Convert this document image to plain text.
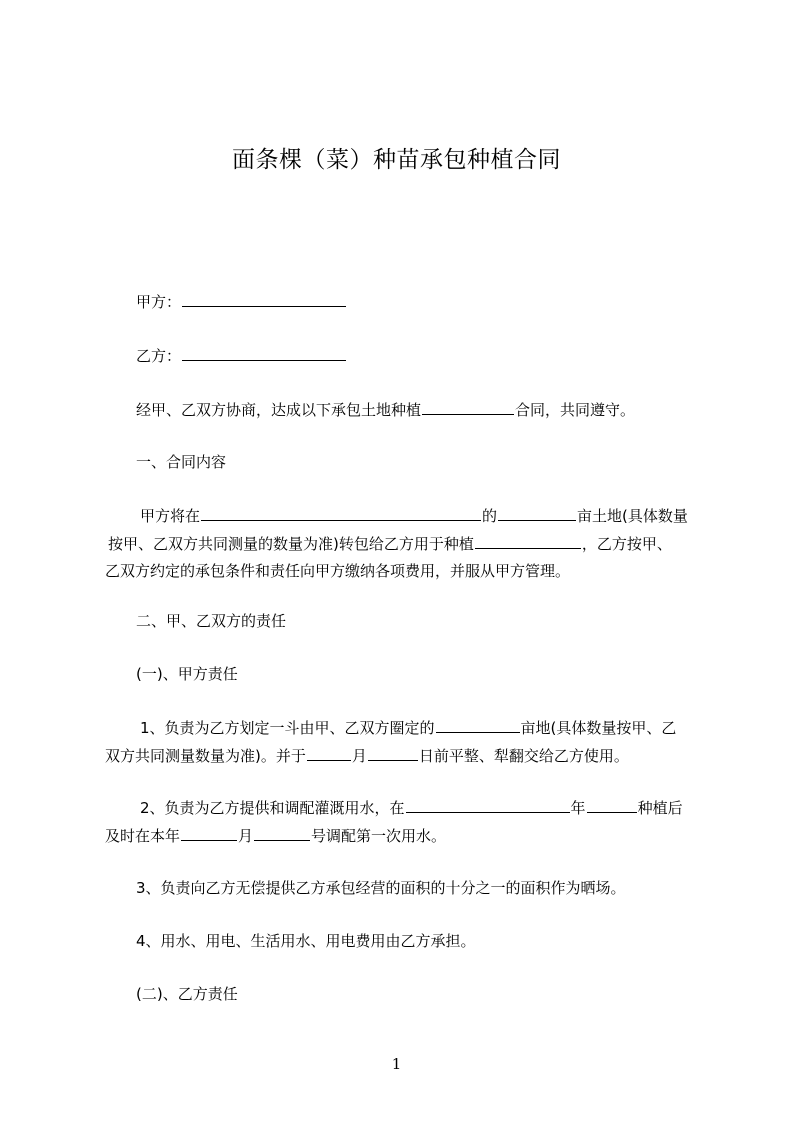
面条棵（菜）种苗承包种植合同
甲方：
乙方：
经甲、乙双方协商，达成以下承包土地种植	合同，共同遵守。
一、合同内容
甲方将在	的	亩土地(具体数量
按甲、乙双方共同测量的数量为准)转包给乙方用于种植	，乙方按甲、
乙双方约定的承包条件和责任向甲方缴纳各项费用，并服从甲方管理。
二、甲、乙双方的责任
(一)、甲方责任
1、负责为乙方划定一斗由甲、乙双方圈定的	亩地(具体数量按甲、乙
双方共同测量数量为准)。并于	月	日前平整、犁翻交给乙方使用。
2、负责为乙方提供和调配灌溉用水，在	年	种植后
及时在本年	月	号调配第一次用水。
3、负责向乙方无偿提供乙方承包经营的面积的十分之一的面积作为晒场。
4、用水、用电、生活用水、用电费用由乙方承担。
(二)、乙方责任
1
